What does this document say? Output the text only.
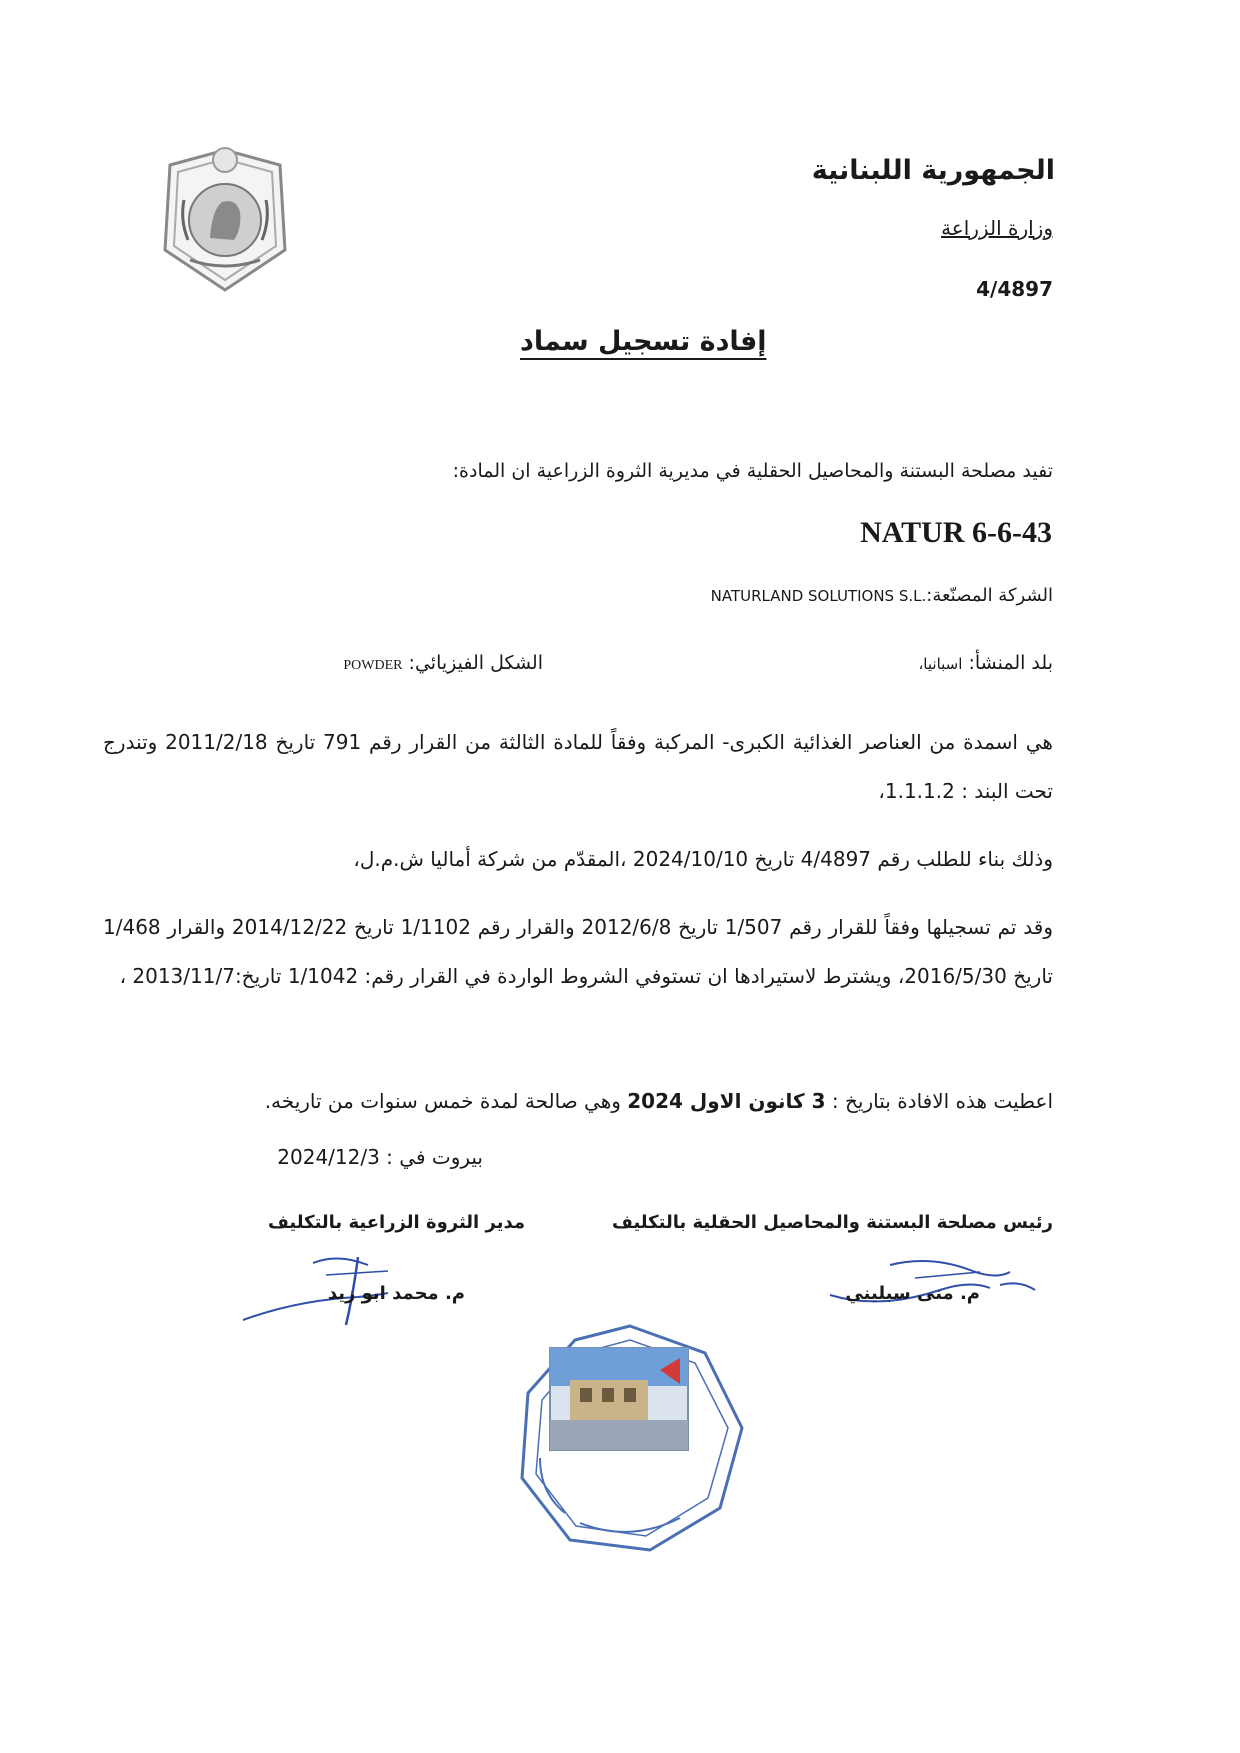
الجمهورية اللبنانية
وزارة الزراعة
4/4897
إفادة تسجيل سماد
تفيد مصلحة البستنة والمحاصيل الحقلية في مديرية الثروة الزراعية ان المادة:
NATUR 6-6-43
الشركة المصنّعة:NATURLAND SOLUTIONS S.L.
بلد المنشأ: اسبانيا،
الشكل الفيزيائي: POWDER
هي اسمدة من العناصر الغذائية الكبرى- المركبة وفقاً للمادة الثالثة من القرار رقم 791 تاريخ 2011/2/18 وتندرج تحت البند : 1.1.1.2،
وذلك بناء للطلب رقم 4/4897 تاريخ 2024/10/10 ،المقدّم من شركة أماليا ش.م.ل،
وقد تم تسجيلها وفقاً للقرار رقم 1/507 تاريخ 2012/6/8 والقرار رقم 1/1102 تاريخ 2014/12/22 والقرار 1/468 تاريخ 2016/5/30، ويشترط لاستيرادها ان تستوفي الشروط الواردة في القرار رقم: 1/1042 تاريخ:2013/11/7 ،
اعطيت هذه الافادة بتاريخ : 3 كانون الاول 2024 وهي صالحة لمدة خمس سنوات من تاريخه.
بيروت في : 2024/12/3
رئيس مصلحة البستنة والمحاصيل الحقلية بالتكليف
مدير الثروة الزراعية بالتكليف
م. منى سبليني
م. محمد ابو زيد
